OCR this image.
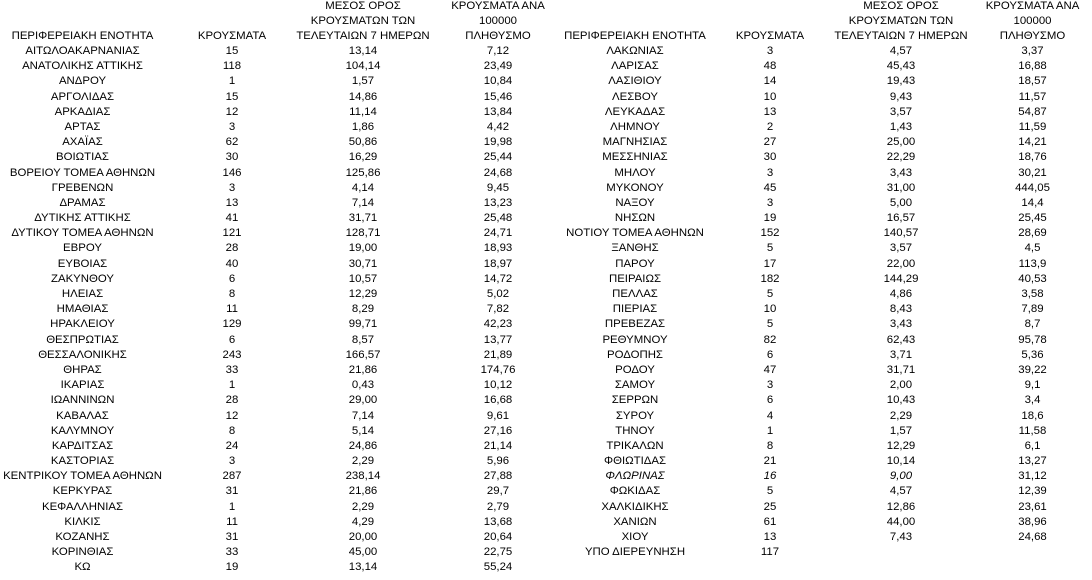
ΠΕΡΙΦΕΡΕΙΑΚΗ ΕΝΟΤΗΤΑ	ΚΡΟΥΣΜΑΤΑ
ΜΕΣΟΣ ΟΡΟΣ
ΚΡΟΥΣΜΑΤΩΝ ΤΩΝ
ΤΕΛΕΥΤΑΙΩΝ 7 ΗΜΕΡΩΝ
ΚΡΟΥΣΜΑΤΑ ΑΝΑ 100000
ΠΛΗΘΥΣΜΟ
ΑΙΤΩΛΟΑΚΑΡΝΑΝΙΑΣ	15	13,14	7,12
ΑΝΑΤΟΛΙΚΗΣ ΑΤΤΙΚΗΣ	118	104,14	23,49
ΑΝΔΡΟΥ	1	1,57	10,84
ΑΡΓΟΛΙΔΑΣ	15	14,86	15,46
ΑΡΚΑΔΙΑΣ	12	11,14	13,84
ΑΡΤΑΣ	3	1,86	4,42
ΑΧΑΪΑΣ	62	50,86	19,98
ΒΟΙΩΤΙΑΣ	30	16,29	25,44
ΒΟΡΕΙΟΥ ΤΟΜΕΑ ΑΘΗΝΩΝ	146	125,86	24,68
ΓΡΕΒΕΝΩΝ	3	4,14	9,45
ΔΡΑΜΑΣ	13	7,14	13,23
ΔΥΤΙΚΗΣ ΑΤΤΙΚΗΣ	41	31,71	25,48
ΔΥΤΙΚΟΥ ΤΟΜΕΑ ΑΘΗΝΩΝ	121	128,71	24,71
ΕΒΡΟΥ	28	19,00	18,93
ΕΥΒΟΙΑΣ	40	30,71	18,97
ΖΑΚΥΝΘΟΥ	6	10,57	14,72
ΗΛΕΙΑΣ	8	12,29	5,02
ΗΜΑΘΙΑΣ	11	8,29	7,82
ΗΡΑΚΛΕΙΟΥ	129	99,71	42,23
ΘΕΣΠΡΩΤΙΑΣ	6	8,57	13,77
ΘΕΣΣΑΛΟΝΙΚΗΣ	243	166,57	21,89
ΘΗΡΑΣ	33	21,86	174,76
ΙΚΑΡΙΑΣ	1	0,43	10,12
ΙΩΑΝΝΙΝΩΝ	28	29,00	16,68
ΚΑΒΑΛΑΣ	12	7,14	9,61
ΚΑΛΥΜΝΟΥ	8	5,14	27,16
ΚΑΡΔΙΤΣΑΣ	24	24,86	21,14
ΚΑΣΤΟΡΙΑΣ	3	2,29	5,96
ΚΕΝΤΡΙΚΟΥ ΤΟΜΕΑ ΑΘΗΝΩΝ	287	238,14	27,88
ΚΕΡΚΥΡΑΣ	31	21,86	29,7
ΚΕΦΑΛΛΗΝΙΑΣ	1	2,29	2,79
ΚΙΛΚΙΣ	11	4,29	13,68
ΚΟΖΑΝΗΣ	31	20,00	20,64
ΚΟΡΙΝΘΙΑΣ	33	45,00	22,75
ΚΩ	19	13,14	55,24
ΠΕΡΙΦΕΡΕΙΑΚΗ ΕΝΟΤΗΤΑ	ΚΡΟΥΣΜΑΤΑ
ΜΕΣΟΣ ΟΡΟΣ
ΚΡΟΥΣΜΑΤΩΝ ΤΩΝ
ΤΕΛΕΥΤΑΙΩΝ 7 ΗΜΕΡΩΝ
ΚΡΟΥΣΜΑΤΑ ΑΝΑ 100000
ΠΛΗΘΥΣΜΟ
ΛΑΚΩΝΙΑΣ	3	4,57	3,37
ΛΑΡΙΣΑΣ	48	45,43	16,88
ΛΑΣΙΘΙΟΥ	14	19,43	18,57
ΛΕΣΒΟΥ	10	9,43	11,57
ΛΕΥΚΑΔΑΣ	13	3,57	54,87
ΛΗΜΝΟΥ	2	1,43	11,59
ΜΑΓΝΗΣΙΑΣ	27	25,00	14,21
ΜΕΣΣΗΝΙΑΣ	30	22,29	18,76
ΜΗΛΟΥ	3	3,43	30,21
ΜΥΚΟΝΟΥ	45	31,00	444,05
ΝΑΞΟΥ	3	5,00	14,4
ΝΗΣΩΝ	19	16,57	25,45
ΝΟΤΙΟΥ ΤΟΜΕΑ ΑΘΗΝΩΝ	152	140,57	28,69
ΞΑΝΘΗΣ	5	3,57	4,5
ΠΑΡΟΥ	17	22,00	113,9
ΠΕΙΡΑΙΩΣ	182	144,29	40,53
ΠΕΛΛΑΣ	5	4,86	3,58
ΠΙΕΡΙΑΣ	10	8,43	7,89
ΠΡΕΒΕΖΑΣ	5	3,43	8,7
ΡΕΘΥΜΝΟΥ	82	62,43	95,78
ΡΟΔΟΠΗΣ	6	3,71	5,36
ΡΟΔΟΥ	47	31,71	39,22
ΣΑΜΟΥ	3	2,00	9,1
ΣΕΡΡΩΝ	6	10,43	3,4
ΣΥΡΟΥ	4	2,29	18,6
ΤΗΝΟΥ	1	1,57	11,58
ΤΡΙΚΑΛΩΝ	8	12,29	6,1
ΦΘΙΩΤΙΔΑΣ	21	10,14	13,27
ΦΛΩΡΙΝΑΣ	16	9,00	31,12
ΦΩΚΙΔΑΣ	5	4,57	12,39
ΧΑΛΚΙΔΙΚΗΣ	25	12,86	23,61
ΧΑΝΙΩΝ	61	44,00	38,96
ΧΙΟΥ	13	7,43	24,68
ΥΠΟ ΔΙΕΡΕΥΝΗΣΗ	117
